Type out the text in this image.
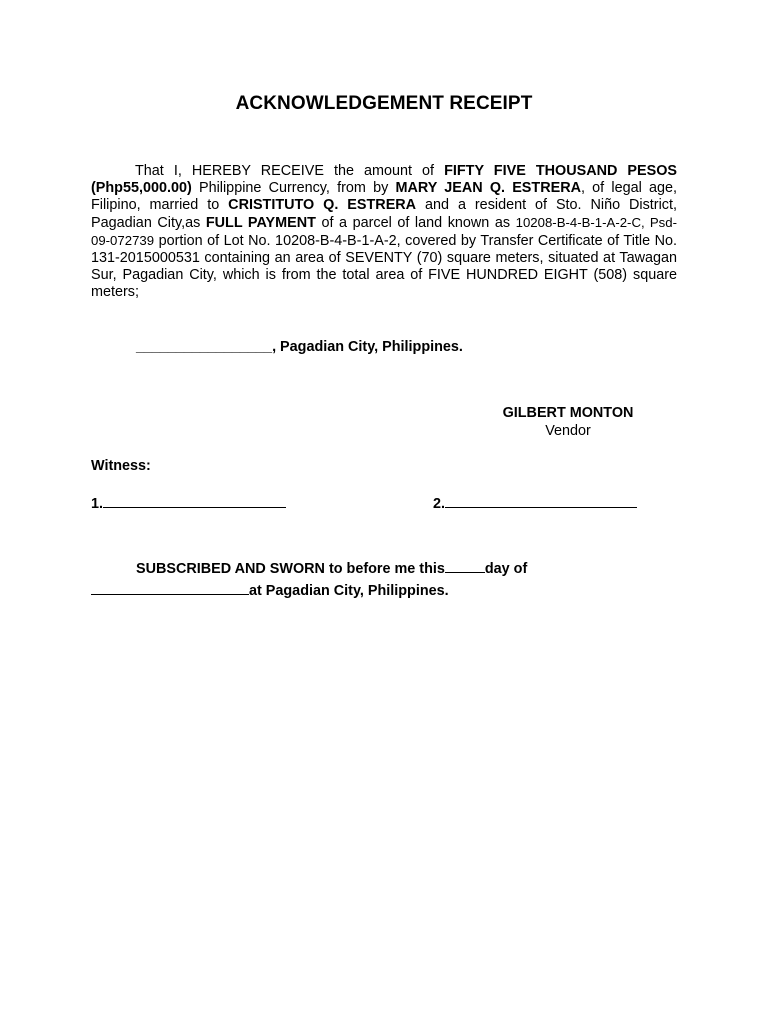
ACKNOWLEDGEMENT RECEIPT
That I, HEREBY RECEIVE the amount of FIFTY FIVE THOUSAND PESOS (Php55,000.00) Philippine Currency, from by MARY JEAN Q. ESTRERA, of legal age, Filipino, married to CRISTITUTO Q. ESTRERA and a resident of Sto. Niño District, Pagadian City,as FULL PAYMENT of a parcel of land known as 10208-B-4-B-1-A-2-C, Psd-09-072739 portion of Lot No. 10208-B-4-B-1-A-2, covered by Transfer Certificate of Title No. 131-2015000531 containing an area of SEVENTY (70) square meters, situated at Tawagan Sur, Pagadian City, which is from the total area of FIVE HUNDRED EIGHT (508) square meters;
_________________, Pagadian City, Philippines.
GILBERT MONTON
Vendor
Witness:
1.	2.
SUBSCRIBED AND SWORN to before me this	day of
at Pagadian City, Philippines.
